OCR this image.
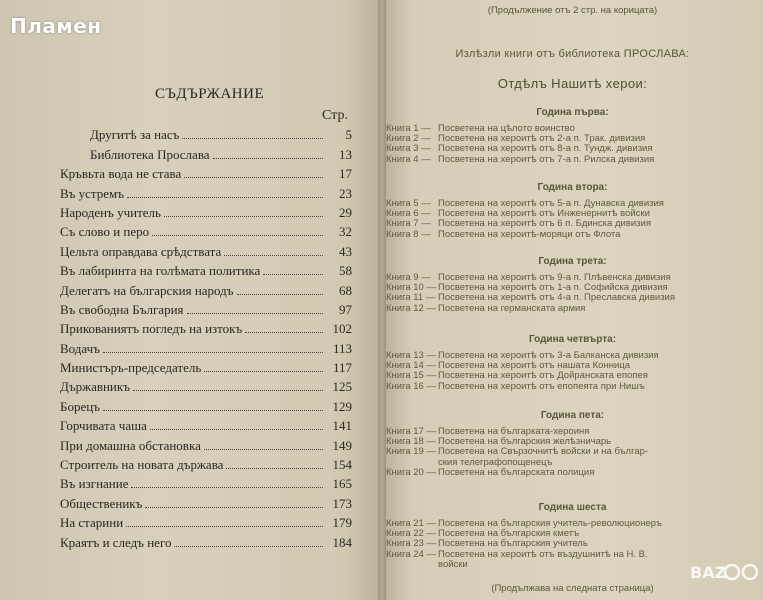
Пламен
СЪДЪРЖАНИЕ
Стр.
Другитѣ за насъ	5
Библиотека Прослава	13
Кръвьта вода не става	17
Въ устремъ	23
Народенъ учитель	29
Съ слово и перо	32
Цельта оправдава срѣдствата	43
Въ лабиринта на голѣмата политика	58
Делегатъ на българския народъ	68
Въ свободна България	97
Прикованиятъ погледъ на изтокъ	102
Водачъ	113
Министъръ-председатель	117
Държавникъ	125
Борецъ	129
Горчивата чаша	141
При домашна обстановка	149
Строитель на новата държава	154
Въ изгнание	165
Общественикъ	173
На старини	179
Краятъ и следъ него	184
(Продължение отъ 2 стр. на корицата)
Излѣзли книги отъ библиотека ПРОСЛАВА:
Отдѣлъ Нашитѣ херои:
Година първа:
Книга 1 — Посветена на цѣлото воинство
Книга 2 — Посветена на хероитѣ отъ 2-а п. Трак. дивизия
Книга 3 — Посветена на хероитѣ отъ 8-а п. Тундж. дивизия
Книга 4 — Посветена на хероитѣ отъ 7-а п. Рилска дивизия
Година втора:
Книга 5 — Посветена на хероитѣ отъ 5-а п. Дунавска дивизия
Книга 6 — Посветена на хероитѣ отъ Инженернитѣ войски
Книга 7 — Посветена на хероитѣ отъ 6 п. Бдинска дивизия
Книга 8 — Посветена на хероитѣ-моряци отъ Флота
Година трета:
Книга 9 — Посветена на хероитѣ отъ 9-а п. Плѣвенска дивизия
Книга 10 — Посветена на хероитѣ отъ 1-а п. Софийска дивизия
Книга 11 — Посветена на хероитѣ отъ 4-а п. Преславска дивизия
Книга 12 — Посветена на германската армия
Година четвърта:
Книга 13 — Посветена на хероитѣ отъ 3-а Балканска дивизия
Книга 14 — Посветена на хероитѣ отъ нашата Конница
Книга 15 — Посветена на хероитѣ отъ Дойранската епопея
Книга 16 — Посветена на хероитѣ отъ епопеята при Нишъ
Година пета:
Книга 17 — Посветена на българката-хероиня
Книга 18 — Посветена на българския желѣзничарь
Книга 19 — Посветена на Свързочнитѣ войски и на българ-
ския телеграфопощенецъ
Книга 20 — Посветена на българската полиция
Година шеста
Книга 21 — Посветена на българския учитель-революционеръ
Книга 22 — Посветена на българския кметъ
Книга 23 — Посветена на българския учитель
Книга 24 — Посветена на хероитѣ отъ въздушнитѣ на Н. В.
войски
(Продължава на следната страница)
BAZ
